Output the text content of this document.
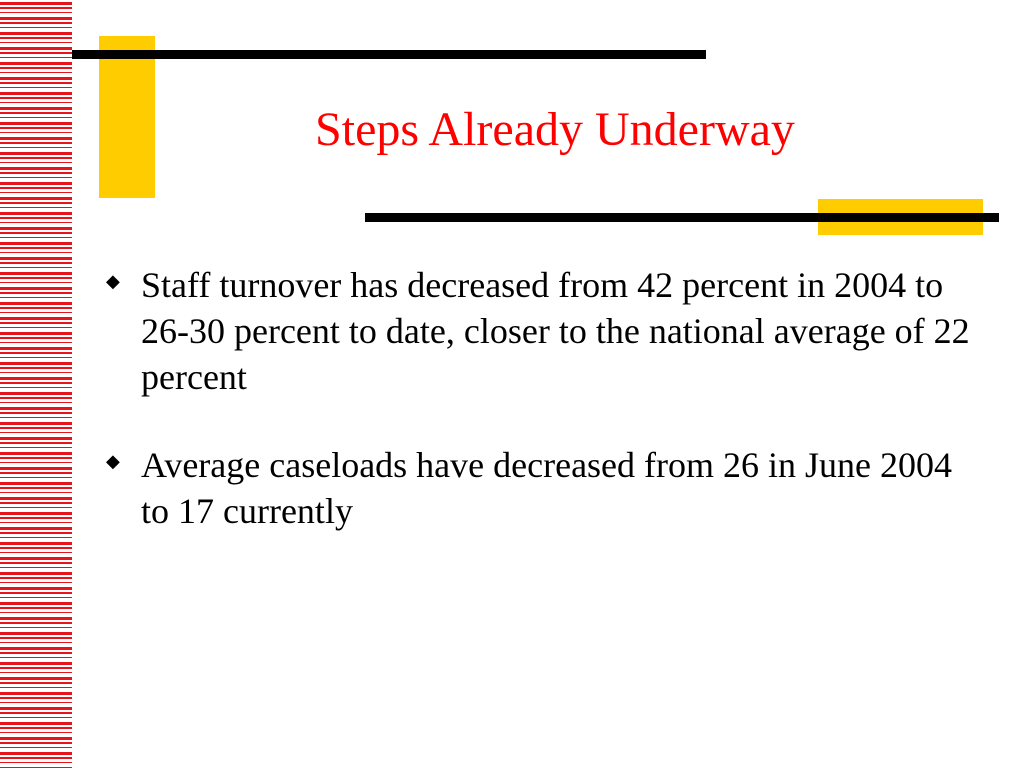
Steps Already Underway
◆ Staff turnover has decreased from 42 percent in 2004 to 26-30 percent to date, closer to the national average of 22 percent
◆ Average caseloads have decreased from 26 in June 2004 to 17 currently
